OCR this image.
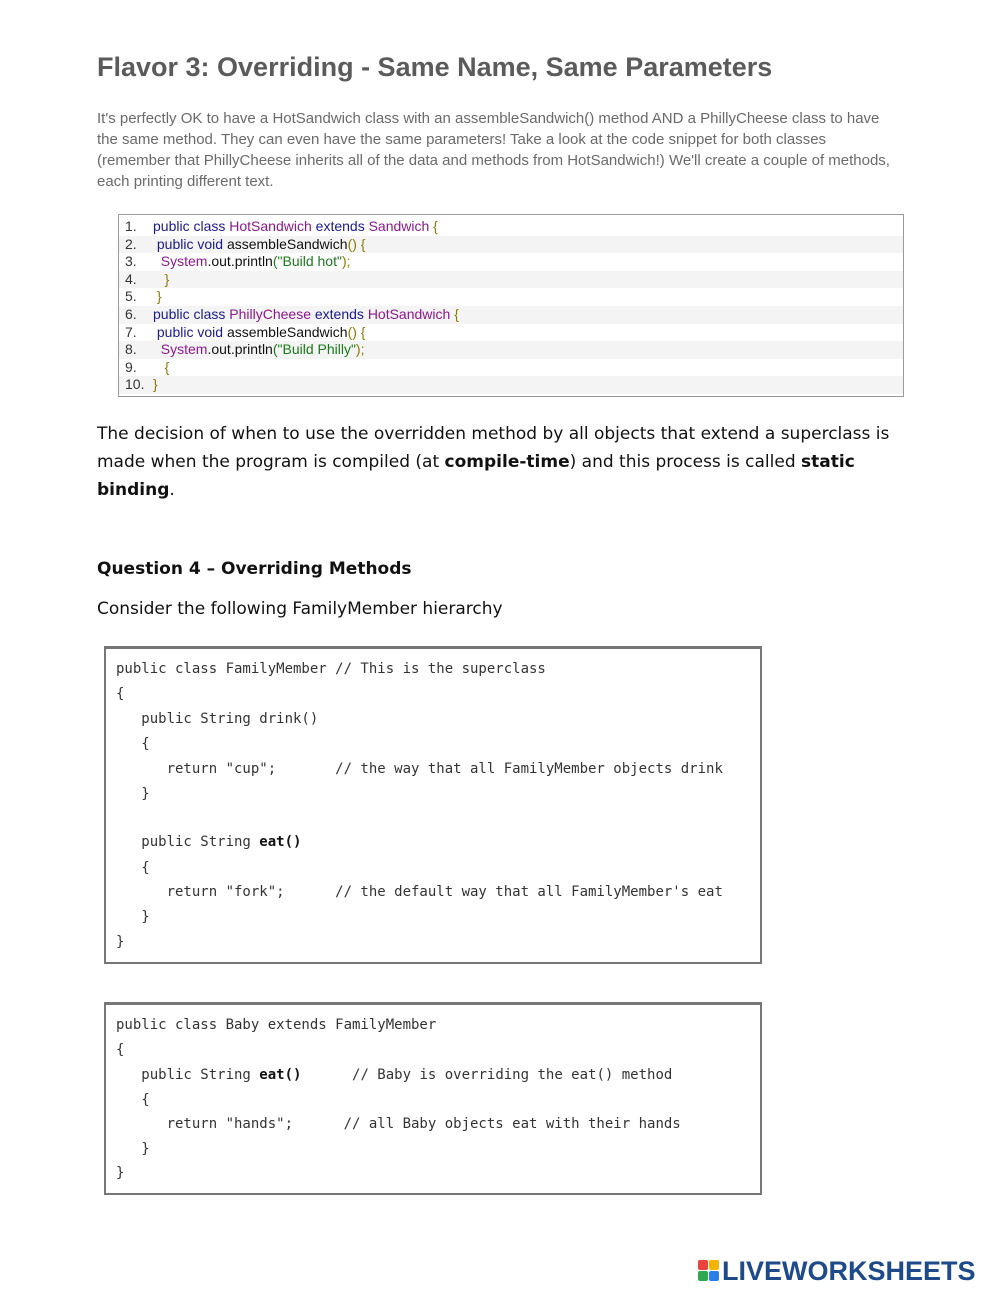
Flavor 3: Overriding - Same Name, Same Parameters

It's perfectly OK to have a HotSandwich class with an assembleSandwich() method AND a PhillyCheese class to have the same method. They can even have the same parameters! Take a look at the code snippet for both classes (remember that PhillyCheese inherits all of the data and methods from HotSandwich!) We'll create a couple of methods, each printing different text.

1. public class HotSandwich extends Sandwich {
2. public void assembleSandwich() {
3.  System.out.println("Build hot");
4.   }
5. }
6. public class PhillyCheese extends HotSandwich {
7. public void assembleSandwich() {
8.  System.out.println("Build Philly");
9.   {
10. }

The decision of when to use the overridden method by all objects that extend a superclass is made when the program is compiled (at compile-time) and this process is called static binding.

Question 4 – Overriding Methods

Consider the following FamilyMember hierarchy

public class FamilyMember // This is the superclass
{
public String drink()
{
return "cup";       // the way that all FamilyMember objects drink
}
public String eat()
{
return "fork";      // the default way that all FamilyMember's eat
}
}
public class Baby extends FamilyMember
{
public String eat()      // Baby is overriding the eat() method
{
return "hands";      // all Baby objects eat with their hands
}
}
LIVEWORKSHEETS
